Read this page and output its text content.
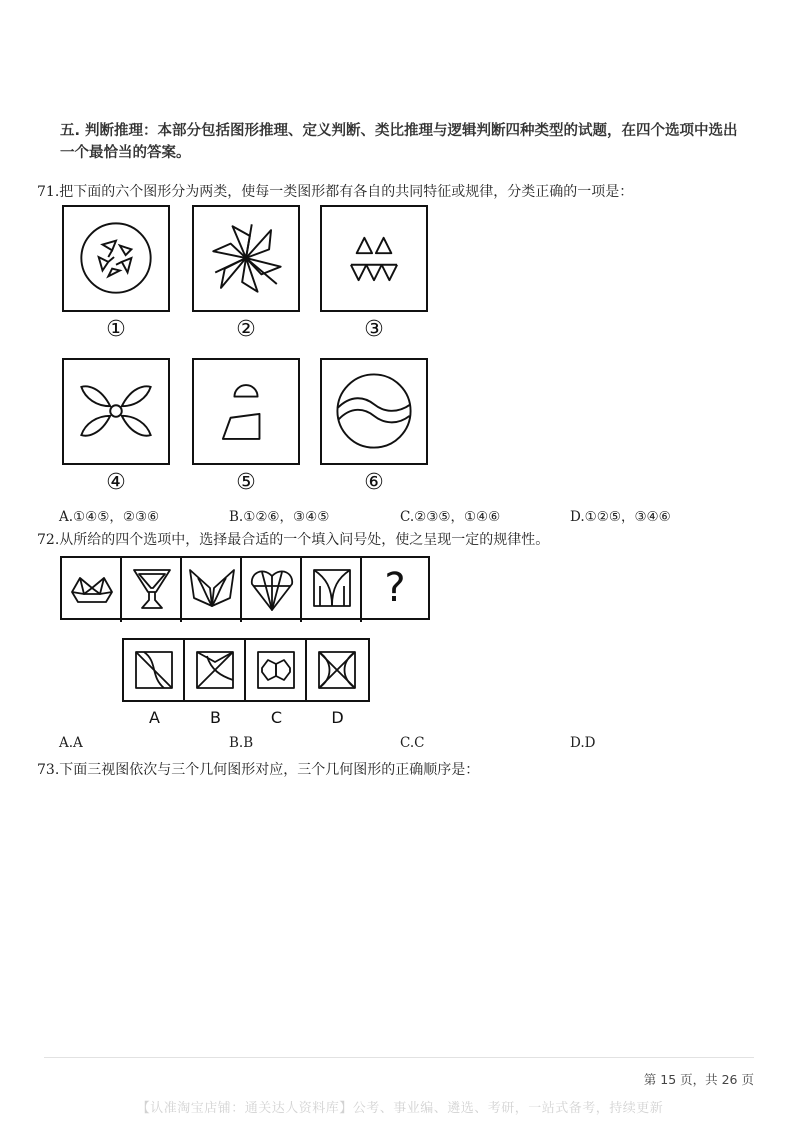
五. 判断推理：本部分包括图形推理、定义判断、类比推理与逻辑判断四种类型的试题，在四个选项中选出一个最恰当的答案。
71.把下面的六个图形分为两类，使每一类图形都有各自的共同特征或规律，分类正确的一项是：
①	②	③
④	⑤	⑥
A.①④⑤，②③⑥	B.①②⑥，③④⑤	C.②③⑤，①④⑥	D.①②⑤，③④⑥
72.从所给的四个选项中，选择最合适的一个填入问号处，使之呈现一定的规律性。
?
A	B	C	D
A.A	B.B	C.C	D.D
73.下面三视图依次与三个几何图形对应，三个几何图形的正确顺序是：
第 15 页，共 26 页
【认准淘宝店铺：通关达人资料库】公考、事业编、遴选、考研，一站式备考，持续更新
